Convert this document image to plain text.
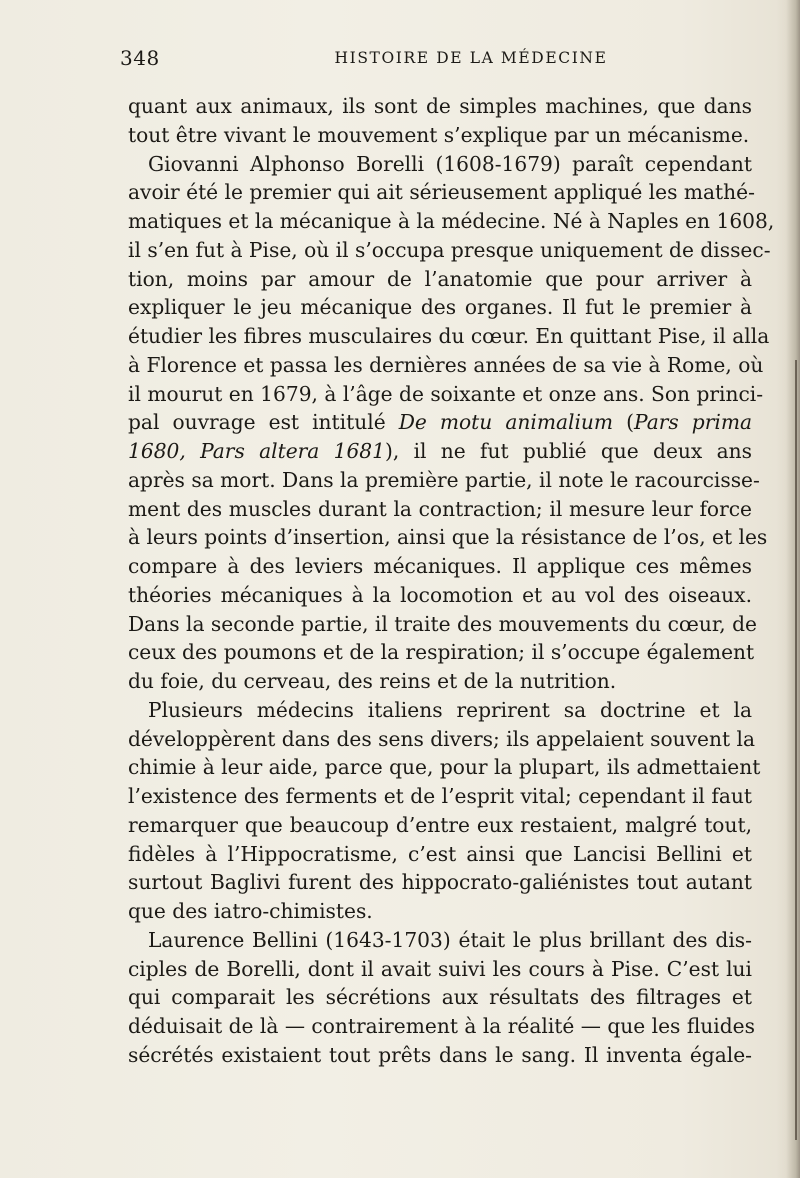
348	HISTOIRE DE LA MÉDECINE
quant aux animaux, ils sont de simples machines, que dans
tout être vivant le mouvement s’explique par un mécanisme.
Giovanni Alphonso Borelli (1608-1679) paraît cependant
avoir été le premier qui ait sérieusement appliqué les mathé-
matiques et la mécanique à la médecine. Né à Naples en 1608,
il s’en fut à Pise, où il s’occupa presque uniquement de dissec-
tion, moins par amour de l’anatomie que pour arriver à
expliquer le jeu mécanique des organes. Il fut le premier à
étudier les fibres musculaires du cœur. En quittant Pise, il alla
à Florence et passa les dernières années de sa vie à Rome, où
il mourut en 1679, à l’âge de soixante et onze ans. Son princi-
pal ouvrage est intitulé De motu animalium (Pars prima
1680, Pars altera 1681), il ne fut publié que deux ans
après sa mort. Dans la première partie, il note le racourcisse-
ment des muscles durant la contraction; il mesure leur force
à leurs points d’insertion, ainsi que la résistance de l’os, et les
compare à des leviers mécaniques. Il applique ces mêmes
théories mécaniques à la locomotion et au vol des oiseaux.
Dans la seconde partie, il traite des mouvements du cœur, de
ceux des poumons et de la respiration; il s’occupe également
du foie, du cerveau, des reins et de la nutrition.
Plusieurs médecins italiens reprirent sa doctrine et la
développèrent dans des sens divers; ils appelaient souvent la
chimie à leur aide, parce que, pour la plupart, ils admettaient
l’existence des ferments et de l’esprit vital; cependant il faut
remarquer que beaucoup d’entre eux restaient, malgré tout,
fidèles à l’Hippocratisme, c’est ainsi que Lancisi Bellini et
surtout Baglivi furent des hippocrato-galiénistes tout autant
que des iatro-chimistes.
Laurence Bellini (1643-1703) était le plus brillant des dis-
ciples de Borelli, dont il avait suivi les cours à Pise. C’est lui
qui comparait les sécrétions aux résultats des filtrages et
déduisait de là — contrairement à la réalité — que les fluides
sécrétés existaient tout prêts dans le sang. Il inventa égale-
